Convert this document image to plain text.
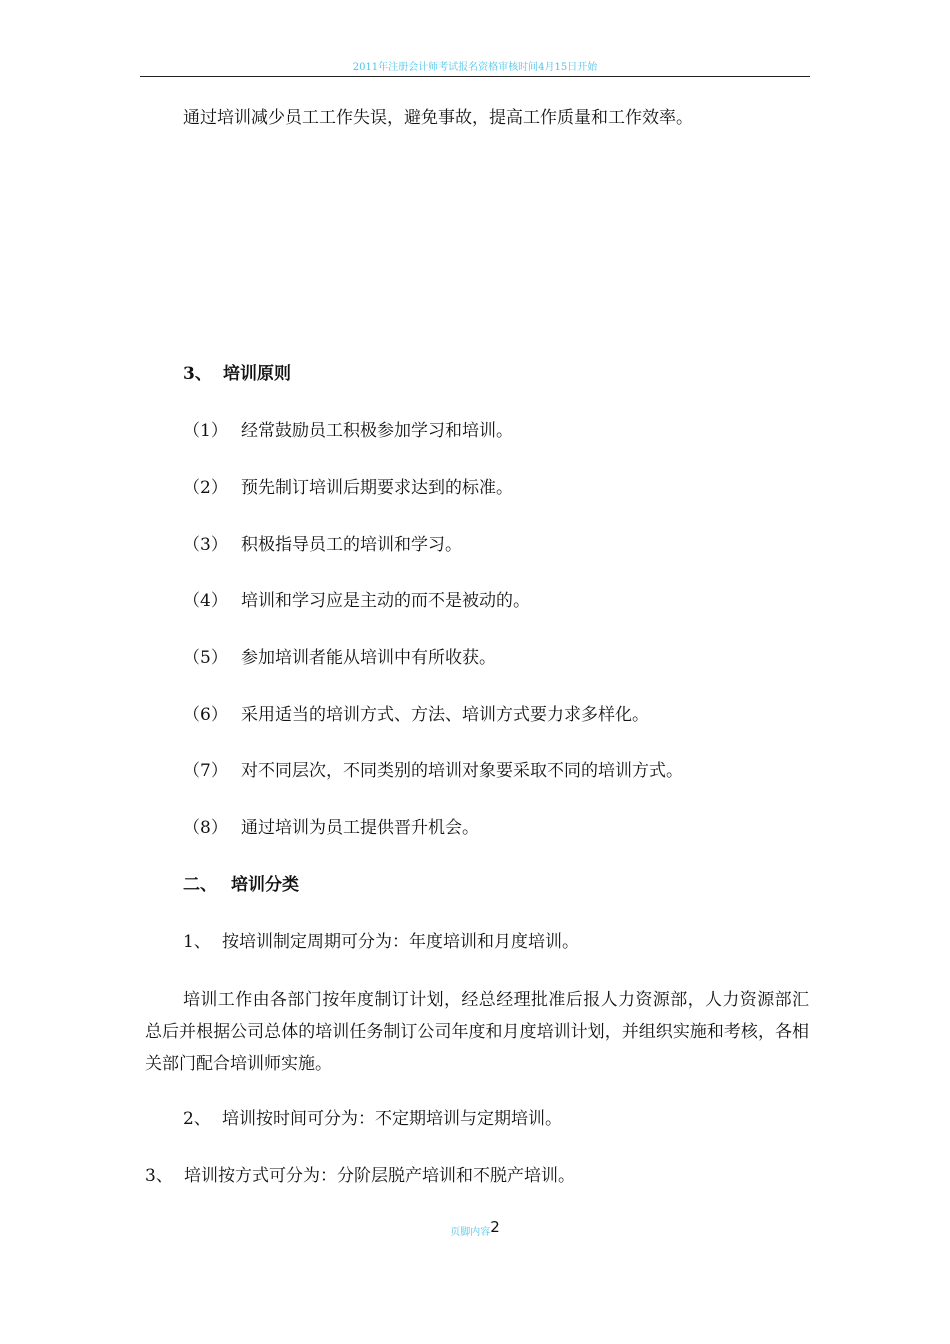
2011年注册会计师考试报名资格审核时间4月15日开始
通过培训减少员工工作失误，避免事故，提高工作质量和工作效率。
3、 培训原则
（1） 经常鼓励员工积极参加学习和培训。
（2） 预先制订培训后期要求达到的标准。
（3） 积极指导员工的培训和学习。
（4） 培训和学习应是主动的而不是被动的。
（5） 参加培训者能从培训中有所收获。
（6） 采用适当的培训方式、方法、培训方式要力求多样化。
（7） 对不同层次，不同类别的培训对象要采取不同的培训方式。
（8） 通过培训为员工提供晋升机会。
二、 培训分类
1、 按培训制定周期可分为：年度培训和月度培训。
培训工作由各部门按年度制订计划，经总经理批准后报人力资源部，人力资源部汇总后并根据公司总体的培训任务制订公司年度和月度培训计划，并组织实施和考核，各相关部门配合培训师实施。
2、 培训按时间可分为：不定期培训与定期培训。
3、 培训按方式可分为：分阶层脱产培训和不脱产培训。
页脚内容2
